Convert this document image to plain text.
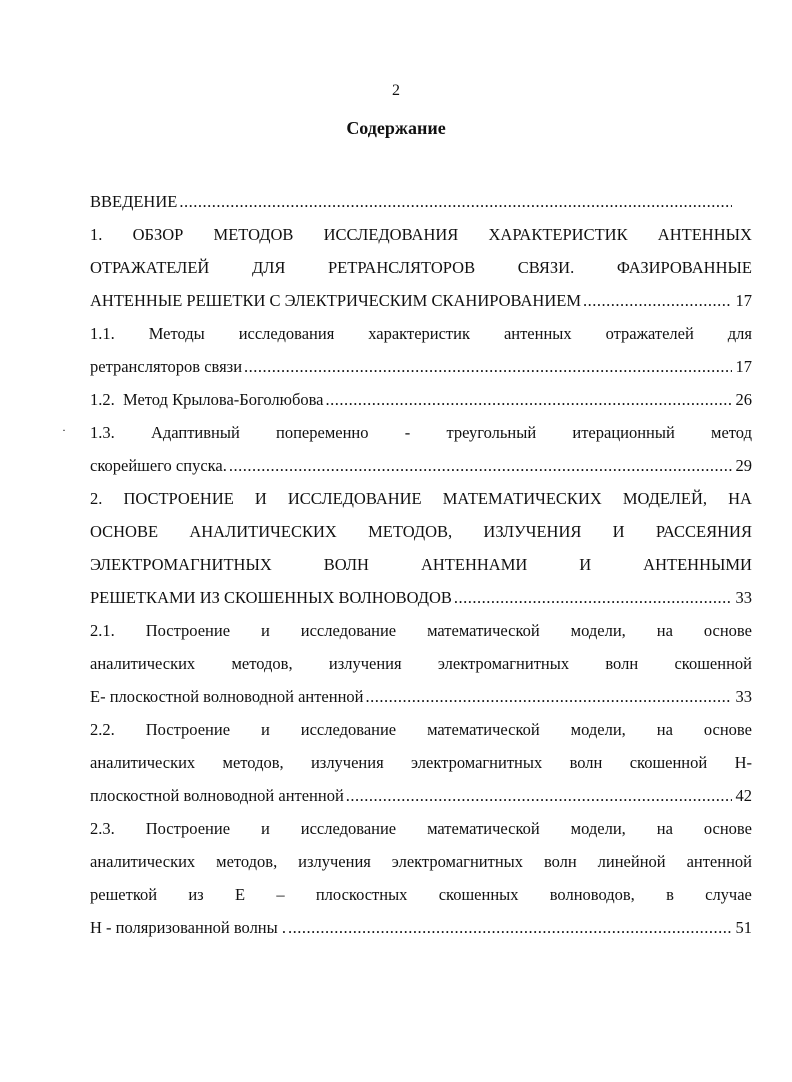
2
Содержание
·
ВВЕДЕНИЕ
.....
1. ОБЗОР МЕТОДОВ ИССЛЕДОВАНИЯ ХАРАКТЕРИСТИК АНТЕННЫХ
ОТРАЖАТЕЛЕЙ	ДЛЯ	РЕТРАНСЛЯТОРОВ	СВЯЗИ.	ФАЗИРОВАННЫЕ
АНТЕННЫЕ РЕШЕТКИ С ЭЛЕКТРИЧЕСКИМ СКАНИРОВАНИЕМ .....	17
1.1. Методы исследования характеристик антенных отражателей для
ретрансляторов связи .....	17
1.2.  Метод Крылова-Боголюбова .....	26
1.3. Адаптивный попеременно - треугольный итерационный метод
скорейшего спуска. .....	29
2. ПОСТРОЕНИЕ И ИССЛЕДОВАНИЕ МАТЕМАТИЧЕСКИХ МОДЕЛЕЙ, НА
ОСНОВЕ АНАЛИТИЧЕСКИХ МЕТОДОВ, ИЗЛУЧЕНИЯ И РАССЕЯНИЯ
ЭЛЕКТРОМАГНИТНЫХ	ВОЛН	АНТЕННАМИ	И	АНТЕННЫМИ
РЕШЕТКАМИ ИЗ СКОШЕННЫХ ВОЛНОВОДОВ .....	33
2.1. Построение и исследование математической модели, на основе
аналитических методов, излучения электромагнитных волн скошенной
Е- плоскостной волноводной антенной .....	33
2.2. Построение и исследование математической модели, на основе
аналитических методов, излучения электромагнитных волн скошенной Н-
плоскостной волноводной антенной .....	42
2.3. Построение и исследование математической модели, на основе
аналитических методов, излучения электромагнитных волн линейной антенной
решеткой из Е – плоскостных скошенных волноводов, в случае
Н - поляризованной волны . .....	51
